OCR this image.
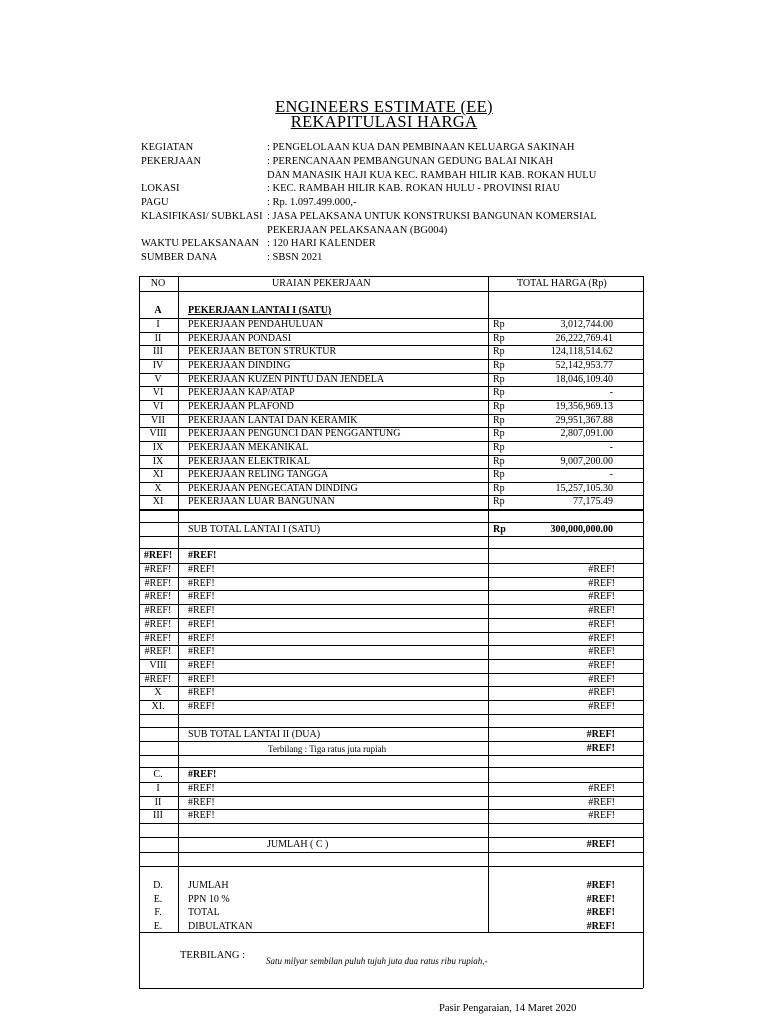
ENGINEERS ESTIMATE (EE)
REKAPITULASI HARGA
KEGIATAN	: PENGELOLAAN KUA DAN PEMBINAAN KELUARGA SAKINAH
PEKERJAAN	: PERENCANAAN PEMBANGUNAN GEDUNG BALAI NIKAH
DAN MANASIK HAJI KUA KEC. RAMBAH HILIR KAB. ROKAN HULU
LOKASI	: KEC. RAMBAH HILIR KAB. ROKAN HULU - PROVINSI RIAU
PAGU	: Rp. 1.097.499.000,-
KLASIFIKASI/ SUBKLASI : JASA PELAKSANA UNTUK KONSTRUKSI BANGUNAN KOMERSIAL
PEKERJAAN PELAKSANAAN (BG004)
WAKTU PELAKSANAAN : 120 HARI KALENDER
SUMBER DANA	: SBSN 2021
NO	URAIAN PEKERJAAN	TOTAL HARGA (Rp)
A	PEKERJAAN LANTAI I (SATU)
I	PEKERJAAN PENDAHULUAN	Rp	3,012,744.00
II	PEKERJAAN PONDASI	Rp	26,222,769.41
III	PEKERJAAN BETON STRUKTUR	Rp	124,118,514.62
IV	PEKERJAAN DINDING	Rp	52,142,953.77
V	PEKERJAAN KUZEN PINTU DAN JENDELA	Rp	18,046,109.40
VI	PEKERJAAN KAP/ATAP	Rp	-
VI	PEKERJAAN PLAFOND	Rp	19,356,969.13
VII	PEKERJAAN LANTAI DAN KERAMIK	Rp	29,951,367.88
VIII	PEKERJAAN PENGUNCI DAN PENGGANTUNG	Rp	2,807,091.00
IX	PEKERJAAN MEKANIKAL	Rp	-
IX	PEKERJAAN ELEKTRIKAL	Rp	9,007,200.00
XI	PEKERJAAN RELING TANGGA	Rp	-
X	PEKERJAAN PENGECATAN DINDING	Rp	15,257,105.30
XI	PEKERJAAN LUAR BANGUNAN	Rp	77,175.49
SUB TOTAL LANTAI I (SATU)	Rp	300,000,000.00
#REF!	#REF!
#REF!	#REF!	#REF!
#REF!	#REF!	#REF!
#REF!	#REF!	#REF!
#REF!	#REF!	#REF!
#REF!	#REF!	#REF!
#REF!	#REF!	#REF!
#REF!	#REF!	#REF!
VIII	#REF!	#REF!
#REF!	#REF!	#REF!
X	#REF!	#REF!
XI.	#REF!	#REF!
SUB TOTAL LANTAI II (DUA)	#REF!
Terbilang : Tiga ratus juta rupiah	#REF!
C.	#REF!
I	#REF!	#REF!
II	#REF!	#REF!
III	#REF!	#REF!
JUMLAH ( C )	#REF!
D.	JUMLAH	#REF!
E.	PPN 10 %	#REF!
F.	TOTAL	#REF!
E.	DIBULATKAN	#REF!
TERBILANG : Satu milyar sembilan puluh tujuh juta dua ratus ribu rupiah,-
Pasir Pengaraian, 14 Maret 2020
